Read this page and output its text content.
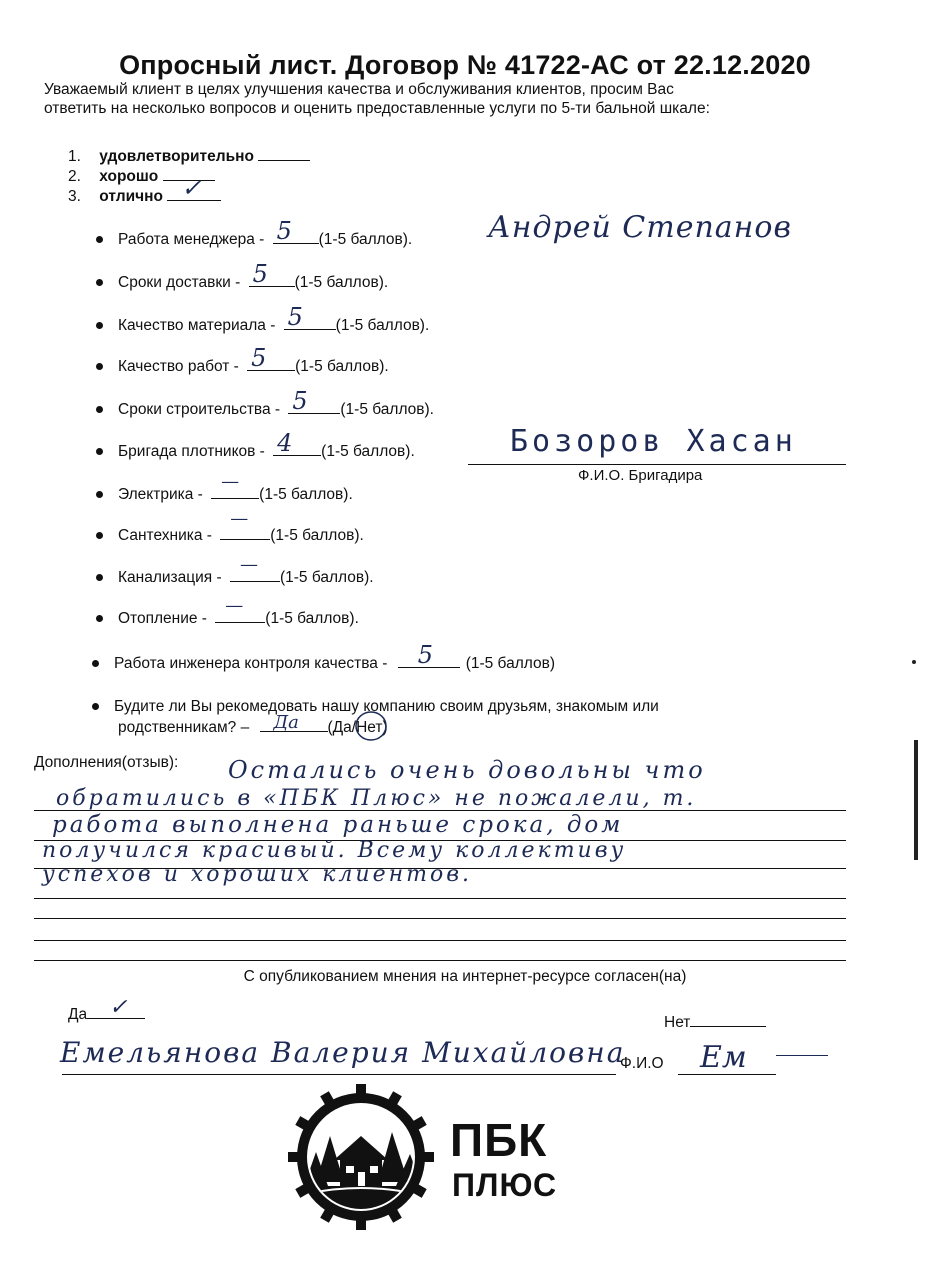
Опросный лист. Договор № 41722-АС от 22.12.2020
Уважаемый клиент в целях улучшения качества и обслуживания клиентов, просим Вас
ответить на несколько вопросов и оценить предоставленные услуги по 5-ти бальной шкале:
1. удовлетворительно
2. хорошо
3. отлично ✓
Работа менеджера - 5 (1-5 баллов).	Андрей Степанов
Сроки доставки - 5 (1-5 баллов).
Качество материала - 5 (1-5 баллов).
Качество работ - 5 (1-5 баллов).
Сроки строительства - 5 (1-5 баллов).
Бригада плотников - 4 (1-5 баллов).	Бозоров Хасан
Ф.И.О. Бригадира
Электрика -
—
(1-5 баллов).
Сантехника -
—
(1-5 баллов).
Канализация -
—
(1-5 баллов).
Отопление -
—
(1-5 баллов).
Работа инженера контроля качества - 5 (1-5 баллов)
Будите ли Вы рекомедовать нашу компанию своим друзьям, знакомым или
родственникам? – Да (Да/Нет)
Дополнения(отзыв): Остались очень довольны что
обратились в «ПБК Плюс» не пожалели, т.
работа выполнена раньше срока, дом
получился красивый. Всему коллективу
успехов и хороших клиентов.
С опубликованием мнения на интернет-ресурсе согласен(на)
Да ✓
Нет
Емельянова Валерия Михайловна
Ф.И.О Ем
ПБК
ПЛЮС
